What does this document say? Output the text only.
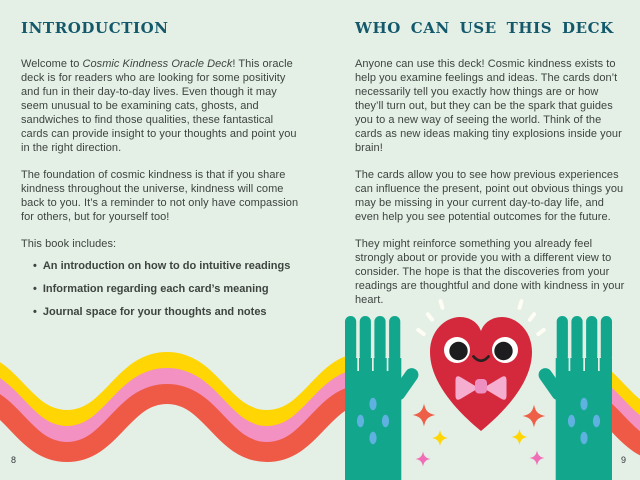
INTRODUCTION

Welcome to Cosmic Kindness Oracle Deck! This oracle deck is for readers who are looking for some positivity and fun in their day-to-day lives. Even though it may seem unusual to be examining cats, ghosts, and sandwiches to find those qualities, these fantastical cards can provide insight to your thoughts and point you in the right direction.

The foundation of cosmic kindness is that if you share kindness throughout the universe, kindness will come back to you. It’s a reminder to not only have compassion for others, but for yourself too!

This book includes:

• An introduction on how to do intuitive readings
• Information regarding each card’s meaning
• Journal space for your thoughts and notes
WHO CAN USE THIS DECK

Anyone can use this deck! Cosmic kindness exists to help you examine feelings and ideas. The cards don’t necessarily tell you exactly how things are or how they’ll turn out, but they can be the spark that guides you to a new way of seeing the world. Think of the cards as new ideas making tiny explosions inside your brain!

The cards allow you to see how previous experiences can influence the present, point out obvious things you may be missing in your current day-to-day life, and even help you see potential outcomes for the future.

They might reinforce something you already feel strongly about or provide you with a different view to consider. The hope is that the discoveries from your readings are thoughtful and done with kindness in your heart.

8	9
